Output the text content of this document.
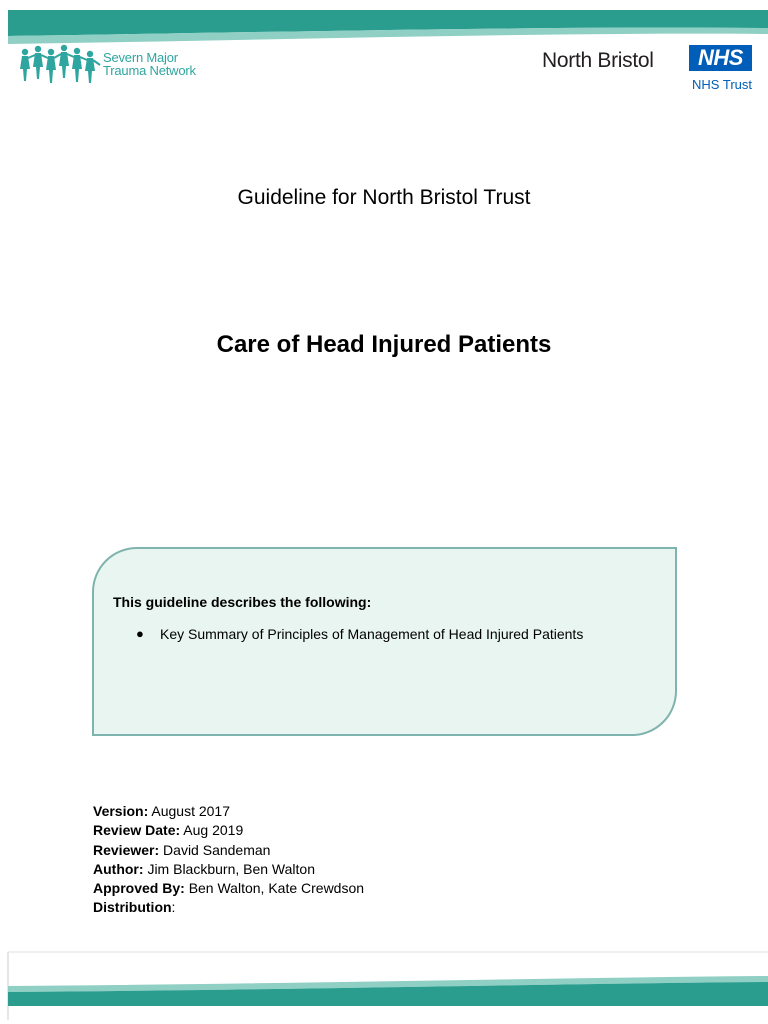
Severn Major
Trauma Network	North Bristol	NHS
NHS Trust
Guideline for North Bristol Trust
Care of Head Injured Patients
This guideline describes the following:
● Key Summary of Principles of Management of Head Injured Patients
Version: August 2017
Review Date: Aug 2019
Reviewer: David Sandeman
Author: Jim Blackburn, Ben Walton
Approved By: Ben Walton, Kate Crewdson
Distribution:
